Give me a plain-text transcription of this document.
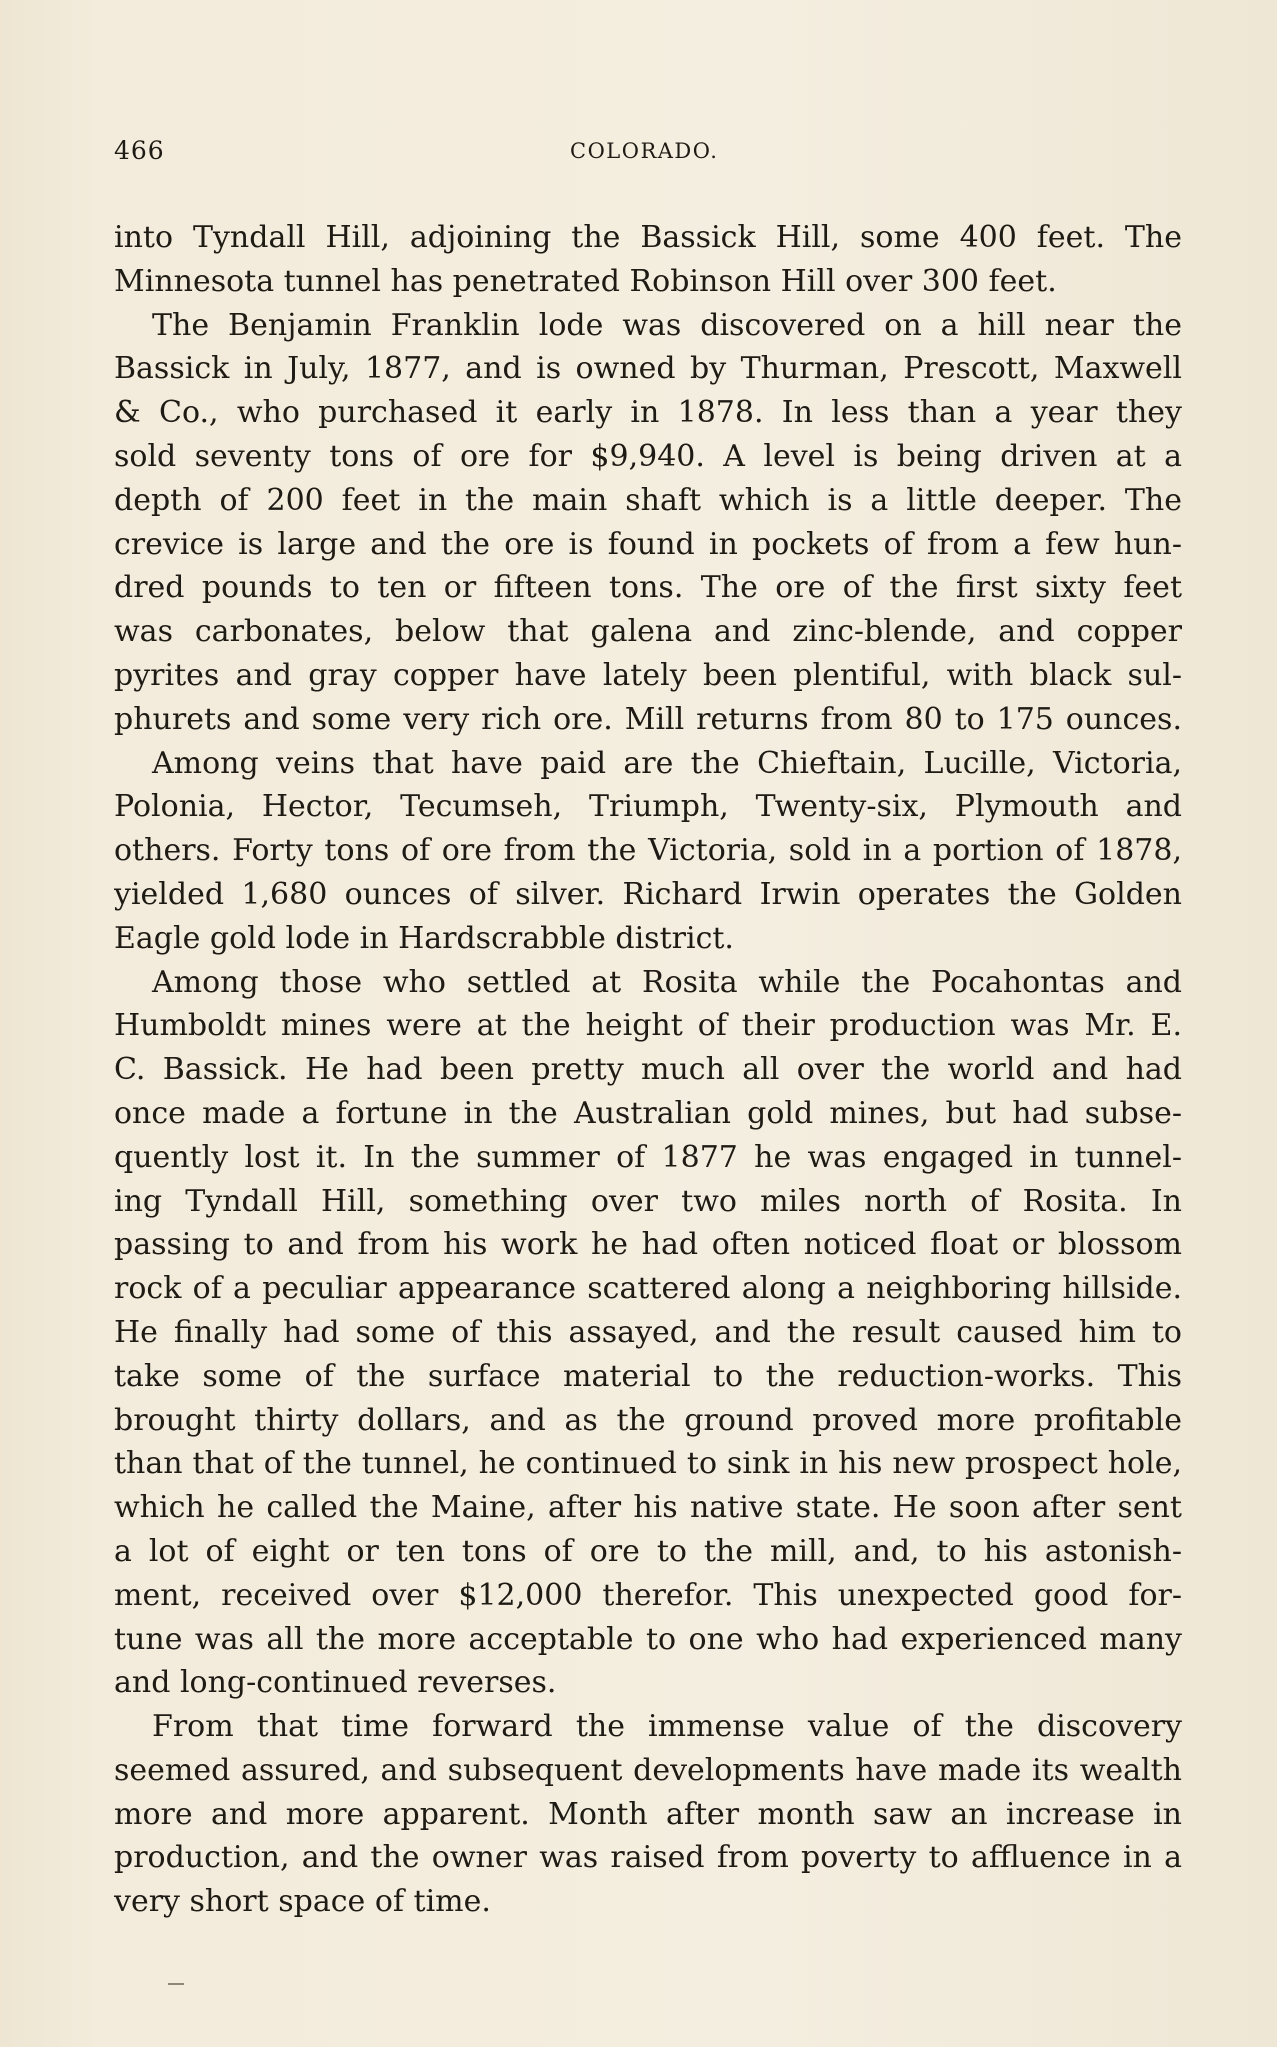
466	COLORADO.
into Tyndall Hill, adjoining the Bassick Hill, some 400 feet. The
Minnesota tunnel has penetrated Robinson Hill over 300 feet.
The Benjamin Franklin lode was discovered on a hill near the
Bassick in July, 1877, and is owned by Thurman, Prescott, Maxwell
& Co., who purchased it early in 1878. In less than a year they
sold seventy tons of ore for $9,940. A level is being driven at a
depth of 200 feet in the main shaft which is a little deeper. The
crevice is large and the ore is found in pockets of from a few hun-
dred pounds to ten or fifteen tons. The ore of the first sixty feet
was carbonates, below that galena and zinc-blende, and copper
pyrites and gray copper have lately been plentiful, with black sul-
phurets and some very rich ore. Mill returns from 80 to 175 ounces.
Among veins that have paid are the Chieftain, Lucille, Victoria,
Polonia, Hector, Tecumseh, Triumph, Twenty-six, Plymouth and
others. Forty tons of ore from the Victoria, sold in a portion of 1878,
yielded 1,680 ounces of silver. Richard Irwin operates the Golden
Eagle gold lode in Hardscrabble district.
Among those who settled at Rosita while the Pocahontas and
Humboldt mines were at the height of their production was Mr. E.
C. Bassick. He had been pretty much all over the world and had
once made a fortune in the Australian gold mines, but had subse-
quently lost it. In the summer of 1877 he was engaged in tunnel-
ing Tyndall Hill, something over two miles north of Rosita. In
passing to and from his work he had often noticed float or blossom
rock of a peculiar appearance scattered along a neighboring hillside.
He finally had some of this assayed, and the result caused him to
take some of the surface material to the reduction-works. This
brought thirty dollars, and as the ground proved more profitable
than that of the tunnel, he continued to sink in his new prospect hole,
which he called the Maine, after his native state. He soon after sent
a lot of eight or ten tons of ore to the mill, and, to his astonish-
ment, received over $12,000 therefor. This unexpected good for-
tune was all the more acceptable to one who had experienced many
and long-continued reverses.
From that time forward the immense value of the discovery
seemed assured, and subsequent developments have made its wealth
more and more apparent. Month after month saw an increase in
production, and the owner was raised from poverty to affluence in a
very short space of time.
